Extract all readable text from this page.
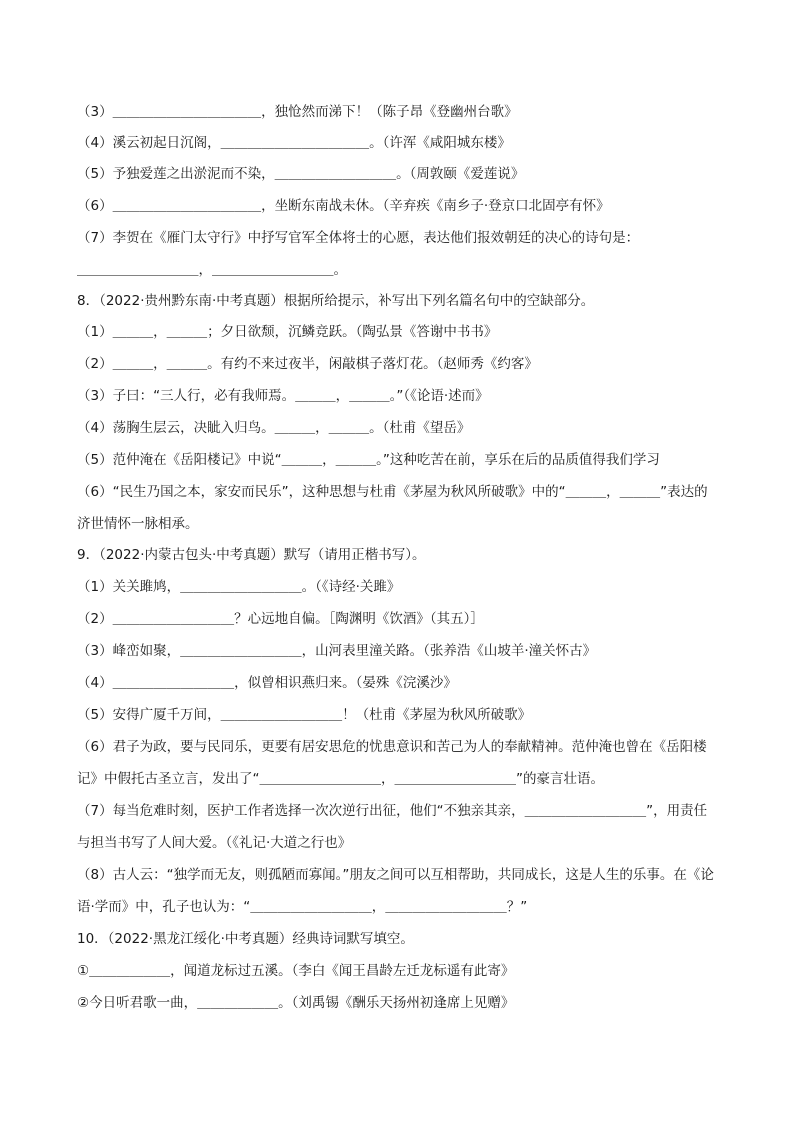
（3）＿＿＿＿＿＿＿＿＿＿＿，独怆然而涕下！（陈子昂《登幽州台歌》
（4）溪云初起日沉阁，＿＿＿＿＿＿＿＿＿＿＿。（许浑《咸阳城东楼》
（5）予独爱莲之出淤泥而不染，＿＿＿＿＿＿＿＿＿。（周敦颐《爱莲说》
（6）＿＿＿＿＿＿＿＿＿＿＿，坐断东南战未休。（辛弃疾《南乡子·登京口北固亭有怀》
（7）李贺在《雁门太守行》中抒写官军全体将士的心愿，表达他们报效朝廷的决心的诗句是：
＿＿＿＿＿＿＿＿＿，＿＿＿＿＿＿＿＿＿。
8．（2022·贵州黔东南·中考真题）根据所给提示，补写出下列名篇名句中的空缺部分。
（1）＿＿＿，＿＿＿；夕日欲颓，沉鳞竞跃。（陶弘景《答谢中书书》
（2）＿＿＿，＿＿＿。有约不来过夜半，闲敲棋子落灯花。（赵师秀《约客》
（3）子曰：“三人行，必有我师焉。＿＿＿，＿＿＿。”（《论语·述而》
（4）荡胸生层云，决眦入归鸟。＿＿＿，＿＿＿。（杜甫《望岳》
（5）范仲淹在《岳阳楼记》中说“＿＿＿，＿＿＿。”这种吃苦在前，享乐在后的品质值得我们学习
（6）“民生乃国之本，家安而民乐”，这种思想与杜甫《茅屋为秋风所破歌》中的“＿＿＿，＿＿＿”表达的
济世情怀一脉相承。
9．（2022·内蒙古包头·中考真题）默写（请用正楷书写）。
（1）关关雎鸠，＿＿＿＿＿＿＿＿＿。（《诗经·关雎》
（2）＿＿＿＿＿＿＿＿＿？心远地自偏。［陶渊明《饮酒》（其五）］
（3）峰峦如聚，＿＿＿＿＿＿＿＿＿，山河表里潼关路。（张养浩《山坡羊·潼关怀古》
（4）＿＿＿＿＿＿＿＿＿，似曾相识燕归来。（晏殊《浣溪沙》
（5）安得广厦千万间，＿＿＿＿＿＿＿＿＿！（杜甫《茅屋为秋风所破歌》
（6）君子为政，要与民同乐，更要有居安思危的忧患意识和苦己为人的奉献精神。范仲淹也曾在《岳阳楼
记》中假托古圣立言，发出了“＿＿＿＿＿＿＿＿＿，＿＿＿＿＿＿＿＿＿”的豪言壮语。
（7）每当危难时刻，医护工作者选择一次次逆行出征，他们“不独亲其亲，＿＿＿＿＿＿＿＿＿”，用责任
与担当书写了人间大爱。（《礼记·大道之行也》
（8）古人云：“独学而无友，则孤陋而寡闻。”朋友之间可以互相帮助，共同成长，这是人生的乐事。在《论
语·学而》中，孔子也认为：“＿＿＿＿＿＿＿＿＿，＿＿＿＿＿＿＿＿＿？”
10．（2022·黑龙江绥化·中考真题）经典诗词默写填空。
①＿＿＿＿＿＿，闻道龙标过五溪。（李白《闻王昌龄左迁龙标遥有此寄》
②今日听君歌一曲，＿＿＿＿＿＿。（刘禹锡《酬乐天扬州初逢席上见赠》
